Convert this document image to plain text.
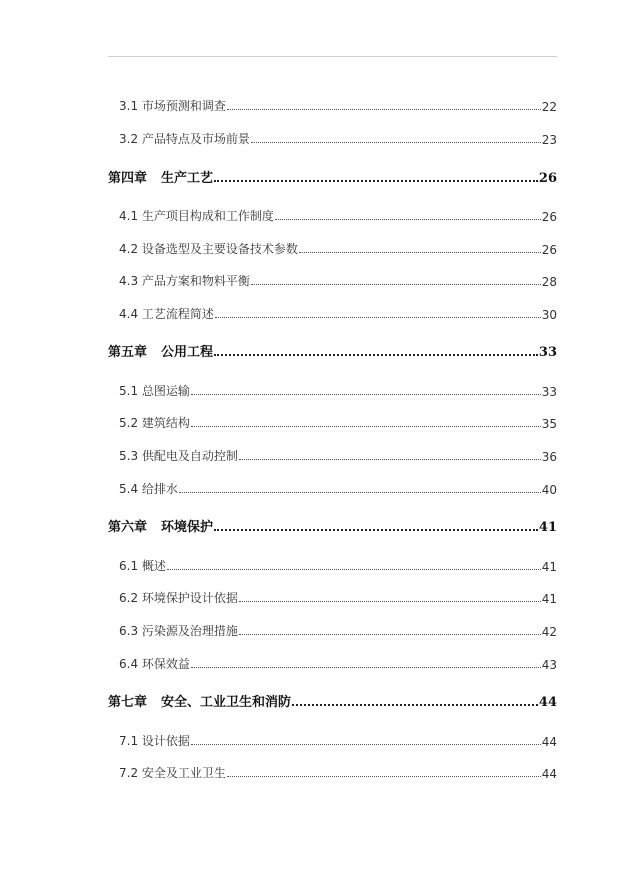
3.1 市场预测和调查	22
3.2 产品特点及市场前景	23
第四章 生产工艺	26
4.1 生产项目构成和工作制度	26
4.2 设备选型及主要设备技术参数	26
4.3 产品方案和物料平衡	28
4.4 工艺流程简述	30
第五章 公用工程	33
5.1 总图运输	33
5.2 建筑结构	35
5.3 供配电及自动控制	36
5.4 给排水	40
第六章 环境保护	41
6.1 概述	41
6.2 环境保护设计依据	41
6.3 污染源及治理措施	42
6.4 环保效益	43
第七章 安全、工业卫生和消防	44
7.1 设计依据	44
7.2 安全及工业卫生	44
